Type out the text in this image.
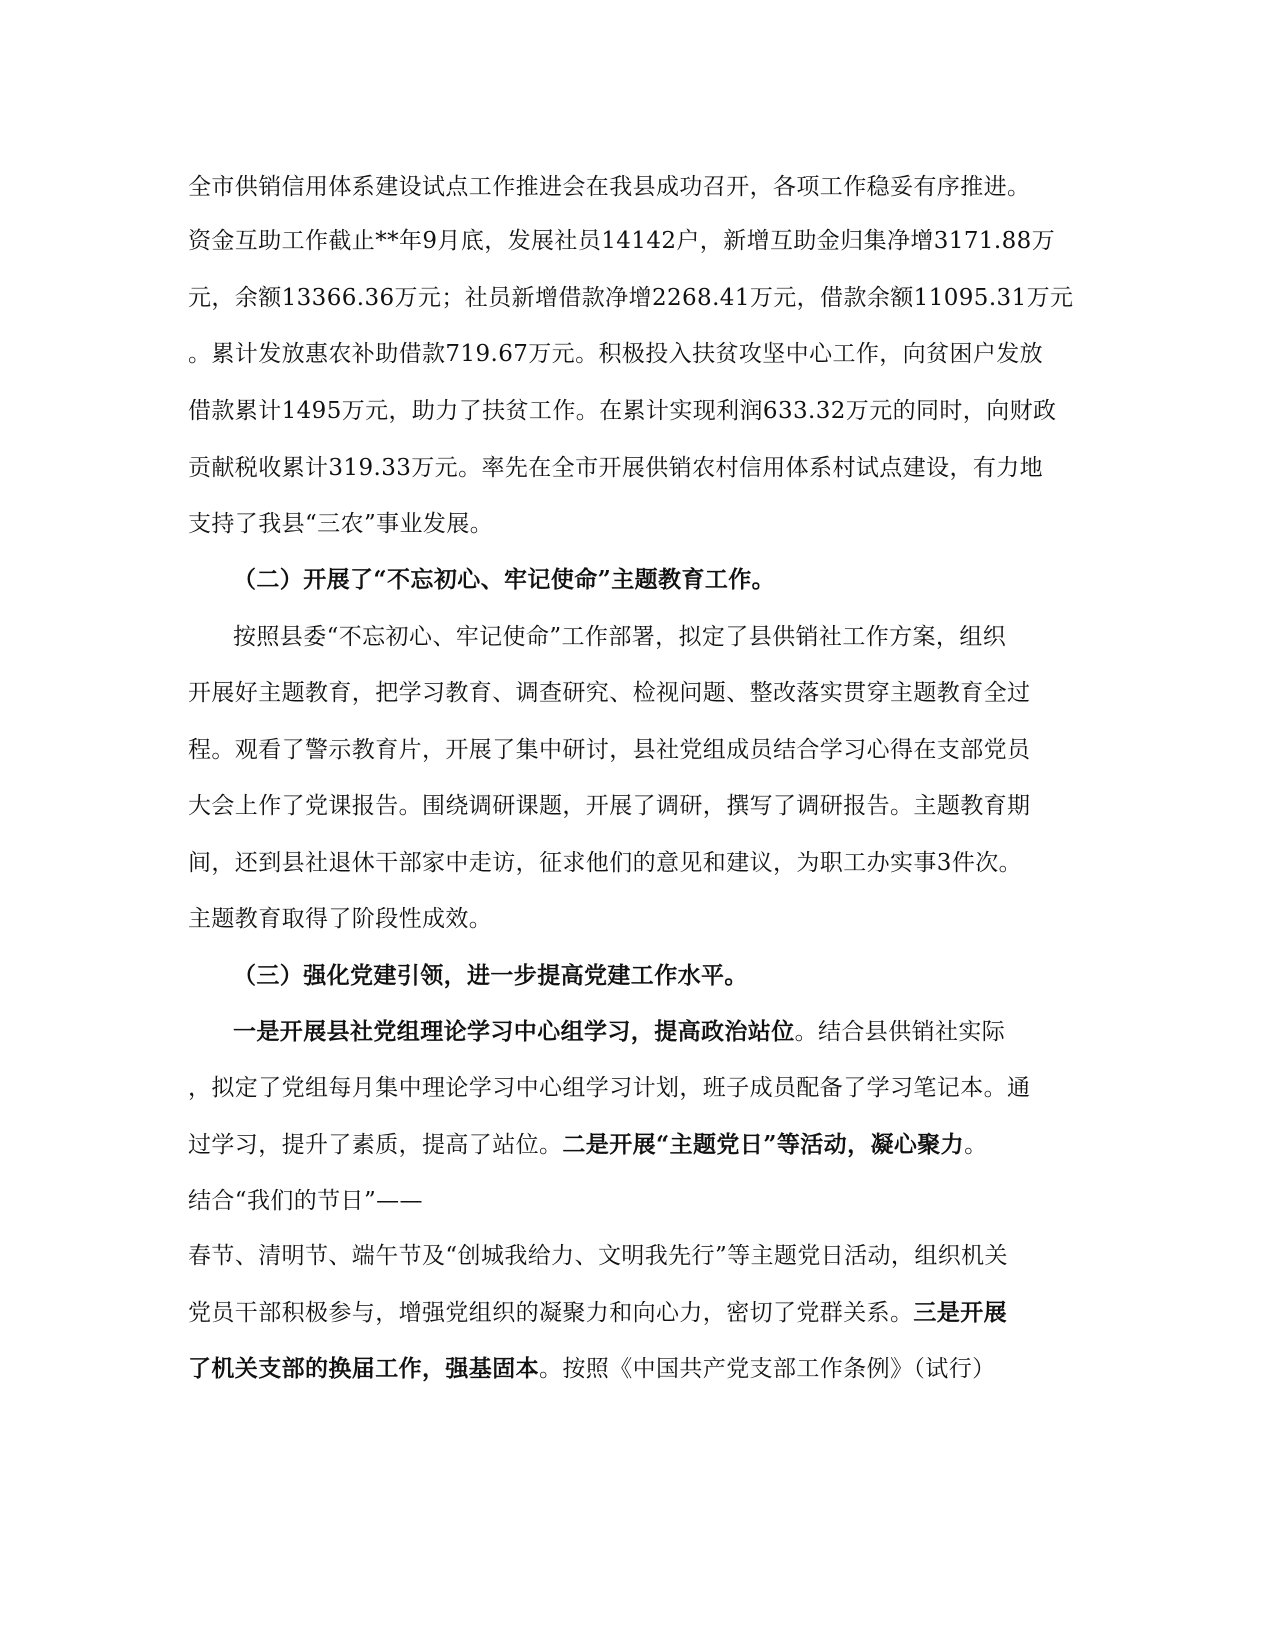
全市供销信用体系建设试点工作推进会在我县成功召开，各项工作稳妥有序推进。
资金互助工作截止**年9月底，发展社员14142户，新增互助金归集净增3171.88万
元，余额13366.36万元；社员新增借款净增2268.41万元，借款余额11095.31万元
。累计发放惠农补助借款719.67万元。积极投入扶贫攻坚中心工作，向贫困户发放
借款累计1495万元，助力了扶贫工作。在累计实现利润633.32万元的同时，向财政
贡献税收累计319.33万元。率先在全市开展供销农村信用体系村试点建设，有力地
支持了我县“三农”事业发展。
（二）开展了“不忘初心、牢记使命”主题教育工作。
按照县委“不忘初心、牢记使命”工作部署，拟定了县供销社工作方案，组织
开展好主题教育，把学习教育、调查研究、检视问题、整改落实贯穿主题教育全过
程。观看了警示教育片，开展了集中研讨，县社党组成员结合学习心得在支部党员
大会上作了党课报告。围绕调研课题，开展了调研，撰写了调研报告。主题教育期
间，还到县社退休干部家中走访，征求他们的意见和建议，为职工办实事3件次。
主题教育取得了阶段性成效。
（三）强化党建引领，进一步提高党建工作水平。
一是开展县社党组理论学习中心组学习，提高政治站位。结合县供销社实际
，拟定了党组每月集中理论学习中心组学习计划，班子成员配备了学习笔记本。通
过学习，提升了素质，提高了站位。二是开展“主题党日”等活动，凝心聚力。
结合“我们的节日”——
春节、清明节、端午节及“创城我给力、文明我先行”等主题党日活动，组织机关
党员干部积极参与，增强党组织的凝聚力和向心力，密切了党群关系。三是开展
了机关支部的换届工作，强基固本。按照《中国共产党支部工作条例》（试行）
